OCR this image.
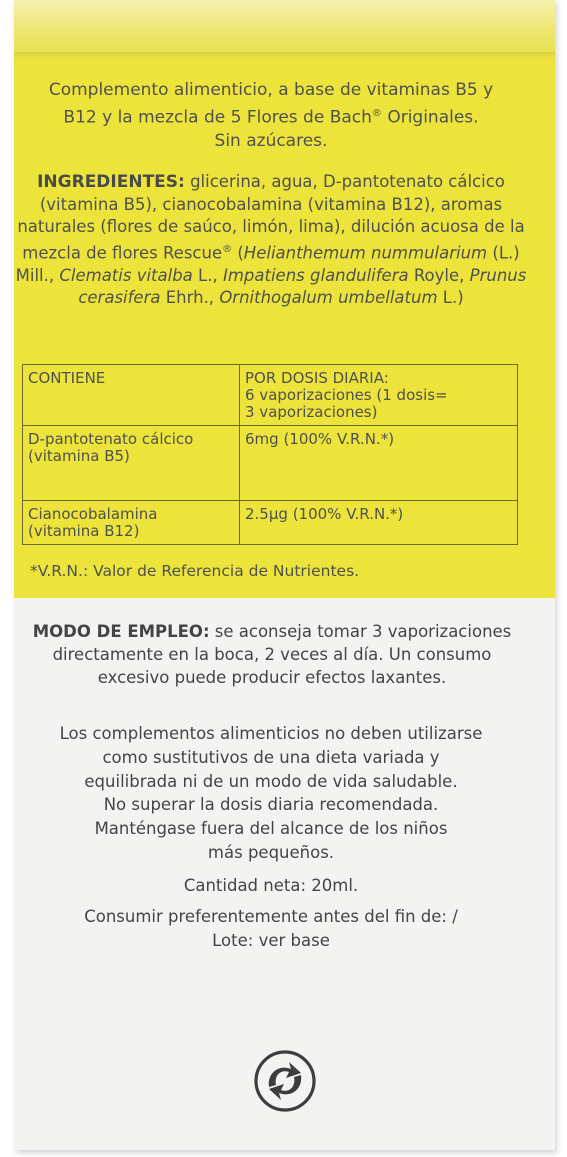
Complemento alimenticio, a base de vitaminas B5 y
B12 y la mezcla de 5 Flores de Bach® Originales.
Sin azúcares.
INGREDIENTES: glicerina, agua, D-pantotenato cálcico (vitamina B5), cianocobalamina (vitamina B12), aromas naturales (flores de saúco, limón, lima), dilución acuosa de la mezcla de flores Rescue® (Helianthemum nummularium (L.) Mill., Clematis vitalba L., Impatiens glandulifera Royle, Prunus cerasifera Ehrh., Ornithogalum umbellatum L.)
CONTIENE	POR DOSIS DIARIA:
6 vaporizaciones (1 dosis=
3 vaporizaciones)

D-pantotenato cálcico
(vitamina B5)	6mg (100% V.R.N.*)

Cianocobalamina
(vitamina B12)	2.5µg (100% V.R.N.*)
*V.R.N.: Valor de Referencia de Nutrientes.
MODO DE EMPLEO: se aconseja tomar 3 vaporizaciones directamente en la boca, 2 veces al día. Un consumo excesivo puede producir efectos laxantes.
Los complementos alimenticios no deben utilizarse
como sustitutivos de una dieta variada y
equilibrada ni de un modo de vida saludable.
No superar la dosis diaria recomendada.
Manténgase fuera del alcance de los niños
más pequeños.
Cantidad neta: 20ml.
Consumir preferentemente antes del fin de: /
Lote: ver base
